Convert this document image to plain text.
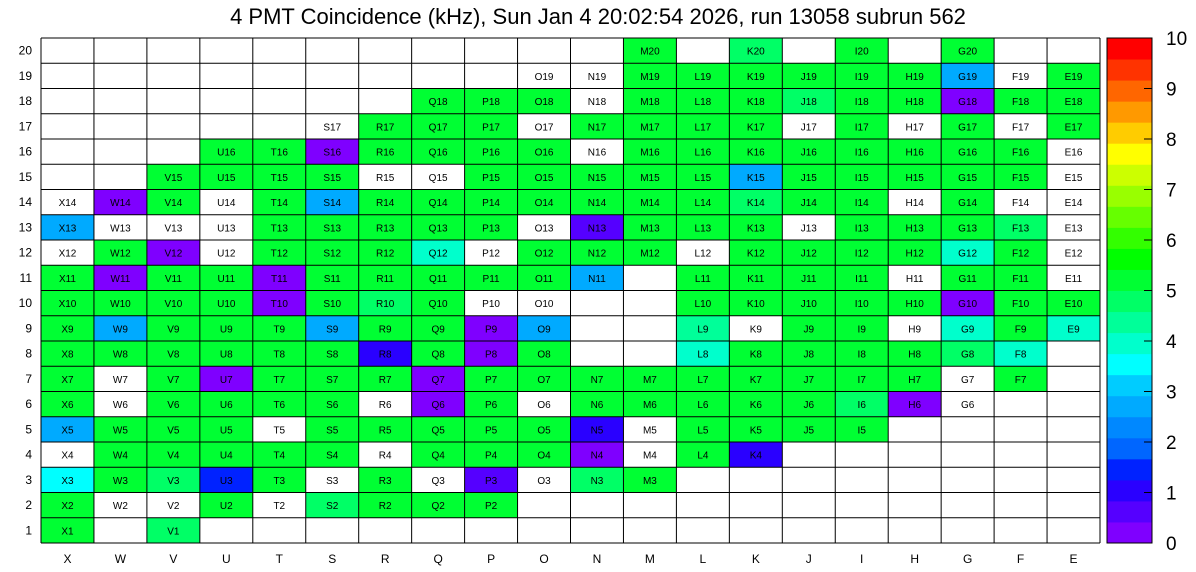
4 PMT Coincidence (kHz), Sun Jan 4 20:02:54 2026, run 13058 subrun 562
X1	V1
X2	W2	V2	U2	T2	S2	R2	Q2	P2
X3	W3	V3	U3	T3	S3	R3	Q3	P3	O3	N3	M3
X4	W4	V4	U4	T4	S4	R4	Q4	P4	O4	N4	M4	L4	K4
X5	W5	V5	U5	T5	S5	R5	Q5	P5	O5	N5	M5	L5	K5	J5	I5
X6	W6	V6	U6	T6	S6	R6	Q6	P6	O6	N6	M6	L6	K6	J6	I6	H6	G6
X7	W7	V7	U7	T7	S7	R7	Q7	P7	O7	N7	M7	L7	K7	J7	I7	H7	G7	F7
X8	W8	V8	U8	T8	S8	R8	Q8	P8	O8	L8	K8	J8	I8	H8	G8	F8
X9	W9	V9	U9	T9	S9	R9	Q9	P9	O9	L9	K9	J9	I9	H9	G9	F9	E9
X10	W10	V10	U10	T10	S10	R10	Q10	P10	O10	L10	K10	J10	I10	H10	G10	F10	E10
X11	W11	V11	U11	T11	S11	R11	Q11	P11	O11	N11	L11	K11	J11	I11	H11	G11	F11	E11
X12	W12	V12	U12	T12	S12	R12	Q12	P12	O12	N12	M12	L12	K12	J12	I12	H12	G12	F12	E12
X13	W13	V13	U13	T13	S13	R13	Q13	P13	O13	N13	M13	L13	K13	J13	I13	H13	G13	F13	E13
X14	W14	V14	U14	T14	S14	R14	Q14	P14	O14	N14	M14	L14	K14	J14	I14	H14	G14	F14	E14
V15	U15	T15	S15	R15	Q15	P15	O15	N15	M15	L15	K15	J15	I15	H15	G15	F15	E15
U16	T16	S16	R16	Q16	P16	O16	N16	M16	L16	K16	J16	I16	H16	G16	F16	E16
S17	R17	Q17	P17	O17	N17	M17	L17	K17	J17	I17	H17	G17	F17	E17
Q18	P18	O18	N18	M18	L18	K18	J18	I18	H18	G18	F18	E18
O19	N19	M19	L19	K19	J19	I19	H19	G19	F19	E19
M20	K20	I20	G20
X	W	V	U	T	S	R	Q	P	O	N	M	L	K	J	I	H	G	F	E
1
2
3
4
5
6
7
8
9
10
11
12
13
14
15
16
17
18
19
20
0
1
2
3
4
5
6
7
8
9
10
